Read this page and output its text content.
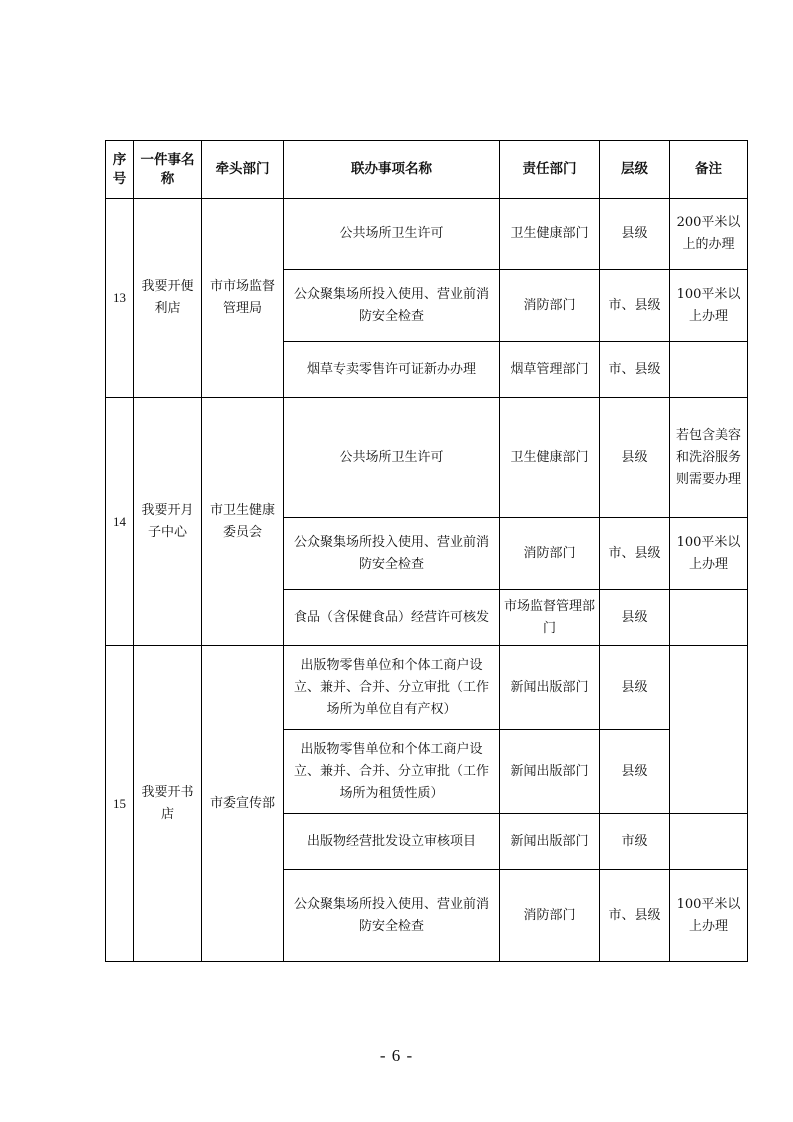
序号	一件事名称	牵头部门	联办事项名称	责任部门	层级	备注
13	我要开便利店	市市场监督管理局	公共场所卫生许可	卫生健康部门	县级	200平米以上的办理
			公众聚集场所投入使用、营业前消防安全检查	消防部门	市、县级	100平米以上办理
			烟草专卖零售许可证新办办理	烟草管理部门	市、县级	
14	我要开月子中心	市卫生健康委员会	公共场所卫生许可	卫生健康部门	县级	若包含美容和洗浴服务则需要办理
			公众聚集场所投入使用、营业前消防安全检查	消防部门	市、县级	100平米以上办理
			食品（含保健食品）经营许可核发	市场监督管理部门	县级	
15	我要开书店	市委宣传部	出版物零售单位和个体工商户设立、兼并、合并、分立审批（工作场所为单位自有产权）	新闻出版部门	县级	
			出版物零售单位和个体工商户设立、兼并、合并、分立审批（工作场所为租赁性质）	新闻出版部门	县级	
			出版物经营批发设立审核项目	新闻出版部门	市级	
			公众聚集场所投入使用、营业前消防安全检查	消防部门	市、县级	100平米以上办理
- 6 -
